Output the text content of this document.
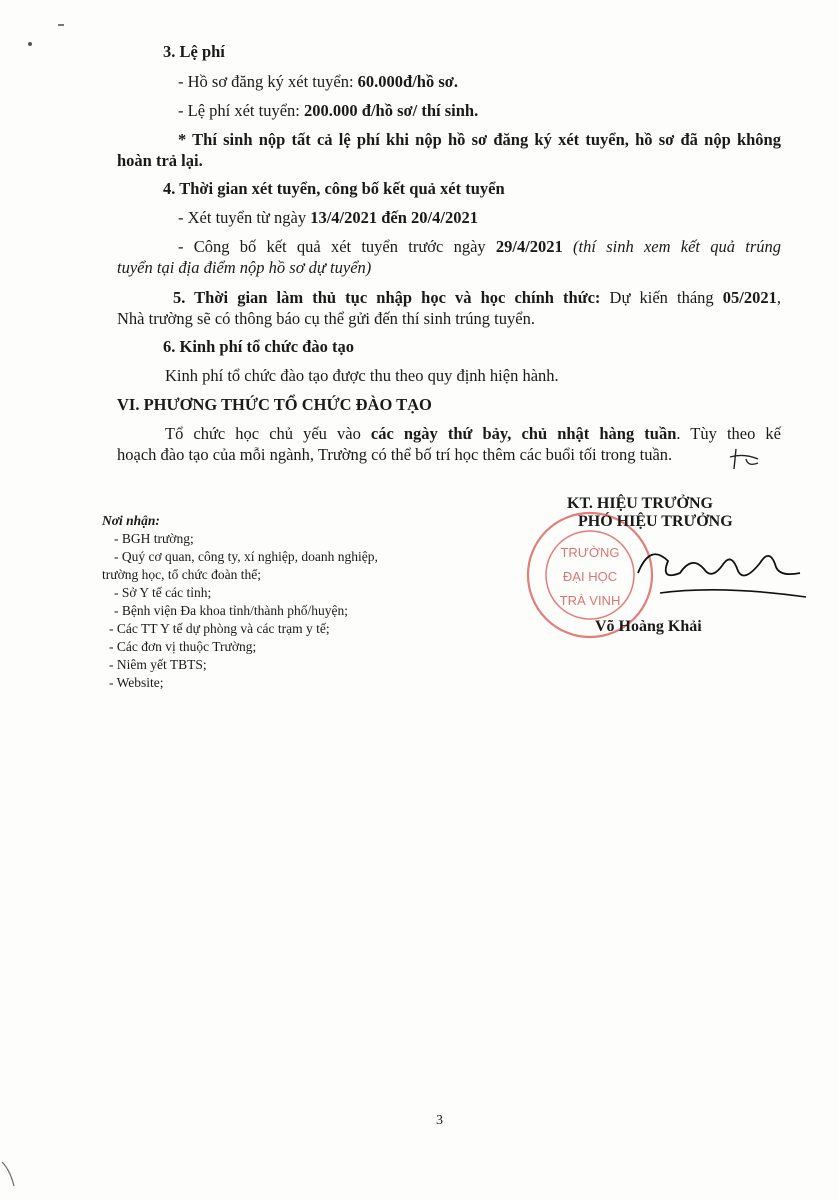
3. Lệ phí
- Hồ sơ đăng ký xét tuyển: 60.000đ/hồ sơ.
- Lệ phí xét tuyển: 200.000 đ/hồ sơ/ thí sinh.
* Thí sinh nộp tất cả lệ phí khi nộp hồ sơ đăng ký xét tuyển, hồ sơ đã nộp không
hoàn trả lại.
4. Thời gian xét tuyển, công bố kết quả xét tuyển
- Xét tuyển từ ngày 13/4/2021 đến 20/4/2021
- Công bố kết quả xét tuyển trước ngày 29/4/2021 (thí sinh xem kết quả trúng
tuyển tại địa điểm nộp hồ sơ dự tuyển)
5. Thời gian làm thủ tục nhập học và học chính thức: Dự kiến tháng 05/2021,
Nhà trường sẽ có thông báo cụ thể gửi đến thí sinh trúng tuyển.
6. Kinh phí tổ chức đào tạo
Kinh phí tổ chức đào tạo được thu theo quy định hiện hành.
VI. PHƯƠNG THỨC TỔ CHỨC ĐÀO TẠO
Tổ chức học chủ yếu vào các ngày thứ bảy, chủ nhật hàng tuần. Tùy theo kế
hoạch đào tạo của mỗi ngành, Trường có thể bố trí học thêm các buổi tối trong tuần.
Nơi nhận:
- BGH trường;
- Quý cơ quan, công ty, xí nghiệp, doanh nghiệp,
trường học, tổ chức đoàn thể;
- Sở Y tế các tỉnh;
- Bệnh viện Đa khoa tỉnh/thành phố/huyện;
- Các TT Y tế dự phòng và các trạm y tế;
- Các đơn vị thuộc Trường;
- Niêm yết TBTS;
- Website;
TRƯỜNG
ĐẠI HỌC
TRÀ VINH
KT. HIỆU TRƯỞNG
PHÓ HIỆU TRƯỞNG
Võ Hoàng Khải
3
